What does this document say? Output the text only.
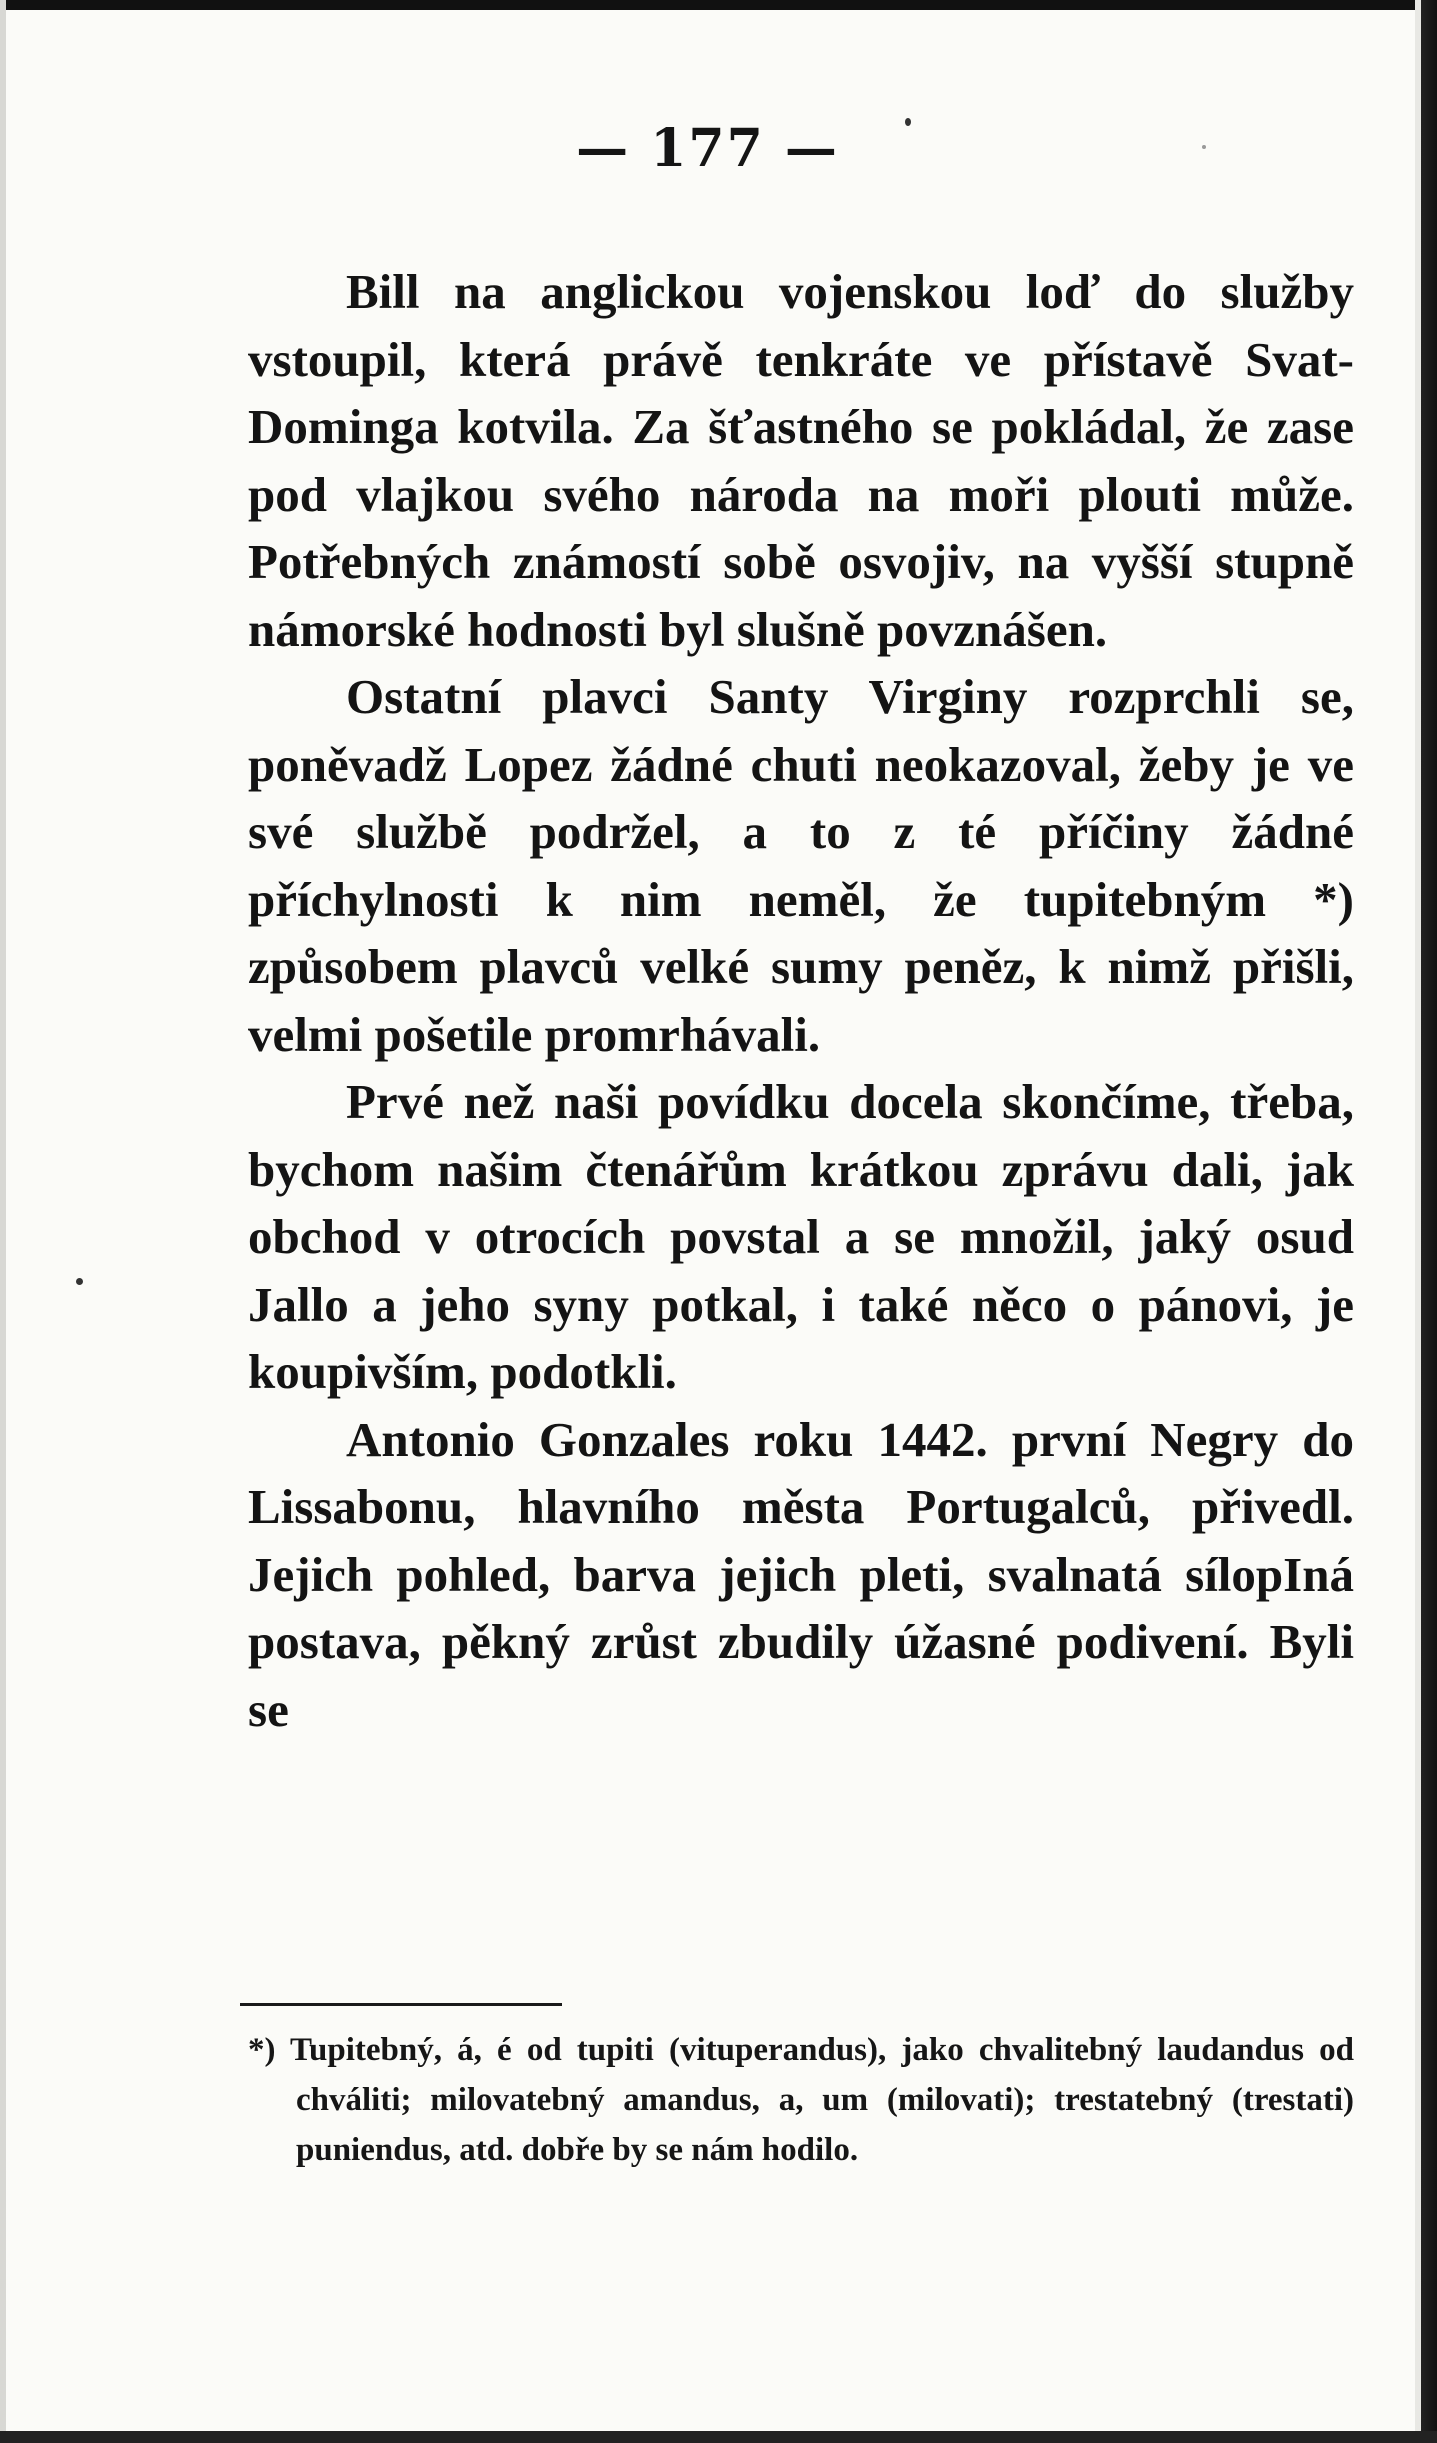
— 177 —

Bill na anglickou vojenskou loď do služby vstoupil, která právě tenkráte ve přístavě Svat-Dominga kotvila. Za šťastného se pokládal, že zase pod vlajkou svého národa na moři plouti může. Potřebných známostí sobě osvojiv, na vyšší stupně námorské hodnosti byl slušně povznášen.

Ostatní plavci Santy Virginy rozprchli se, poněvadž Lopez žádné chuti neokazoval, žeby je ve své službě podržel, a to z té příčiny žádné příchylnosti k nim neměl, že tupitebným *) způsobem plavců velké sumy peněz, k nimž přišli, velmi pošetile promrhávali.

Prvé než naši povídku docela skončíme, třeba, bychom našim čtenářům krátkou zprávu dali, jak obchod v otrocích povstal a se množil, jaký osud Jallo a jeho syny potkal, i také něco o pánovi, je koupivším, podotkli.

Antonio Gonzales roku 1442. první Negry do Lissabonu, hlavního města Portugalců, přivedl. Jejich pohled, barva jejich pleti, svalnatá sílopIná postava, pěkný zrůst zbudily úžasné podivení. Byli se

*) Tupitebný, á, é od tupiti (vituperandus), jako chvalitebný laudandus od chváliti; milovatebný amandus, a, um (milovati); trestatebný (trestati) puniendus, atd. dobře by se nám hodilo.
